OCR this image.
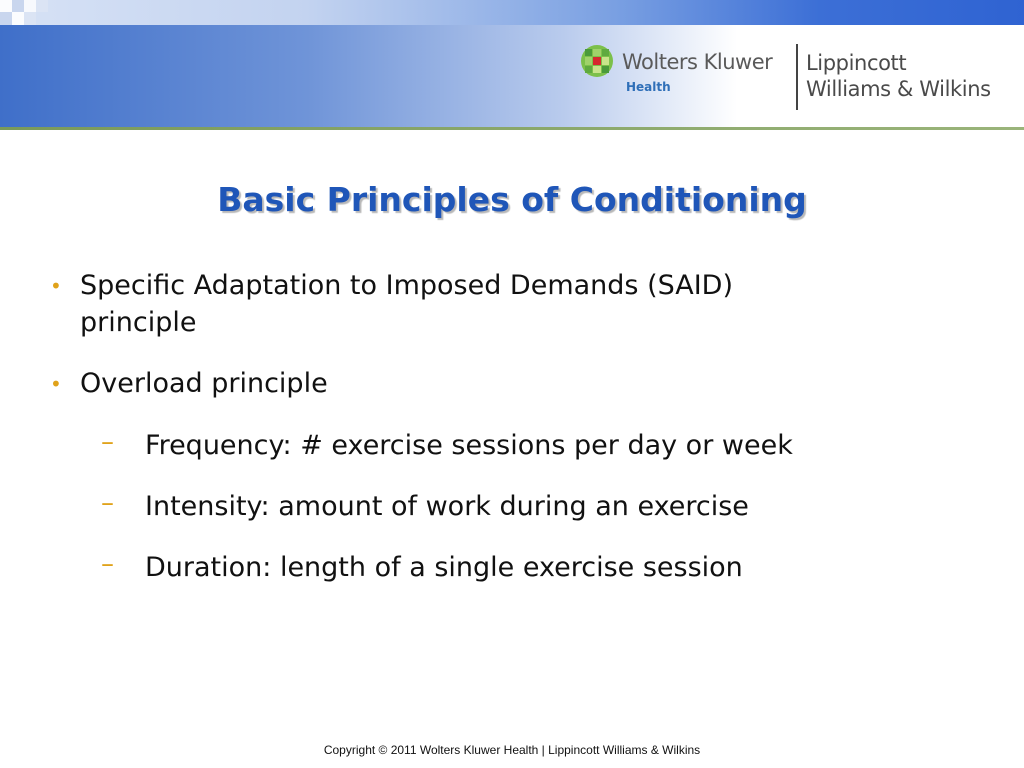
Wolters Kluwer
Health
Lippincott
Williams & Wilkins
Basic Principles of Conditioning
• Specific Adaptation to Imposed Demands (SAID)
principle
• Overload principle
– Frequency: # exercise sessions per day or week
– Intensity: amount of work during an exercise
– Duration: length of a single exercise session
Copyright © 2011 Wolters Kluwer Health | Lippincott Williams & Wilkins
